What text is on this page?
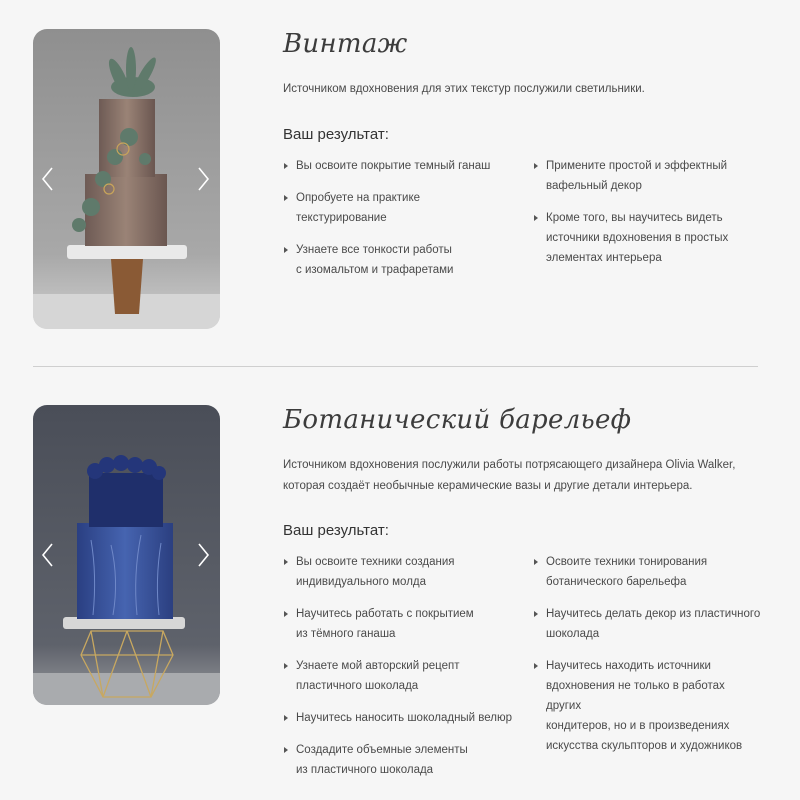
Винтаж

Источником вдохновения для этих текстур послужили светильники.

Ваш результат:
Вы освоите покрытие темный ганаш
Опробуете на практике текстурирование
Узнаете все тонкости работы
с изомальтом и трафаретами
Примените простой и эффектный
вафельный декор
Кроме того, вы научитесь видеть
источники вдохновения в простых
элементах интерьера
Ботанический барельеф

Источником вдохновения послужили работы потрясающего дизайнера Olivia Walker,
которая создаёт необычные керамические вазы и другие детали интерьера.

Ваш результат:
Вы освоите техники создания
индивидуального молда
Научитесь работать с покрытием
из тёмного ганаша
Узнаете мой авторский рецепт
пластичного шоколада
Научитесь наносить шоколадный велюр
Создадите объемные элементы
из пластичного шоколада
Освоите техники тонирования
ботанического барельефа
Научитесь делать декор из пластичного
шоколада
Научитесь находить источники
вдохновения не только в работах других
кондитеров, но и в произведениях
искусства скульпторов и художников
